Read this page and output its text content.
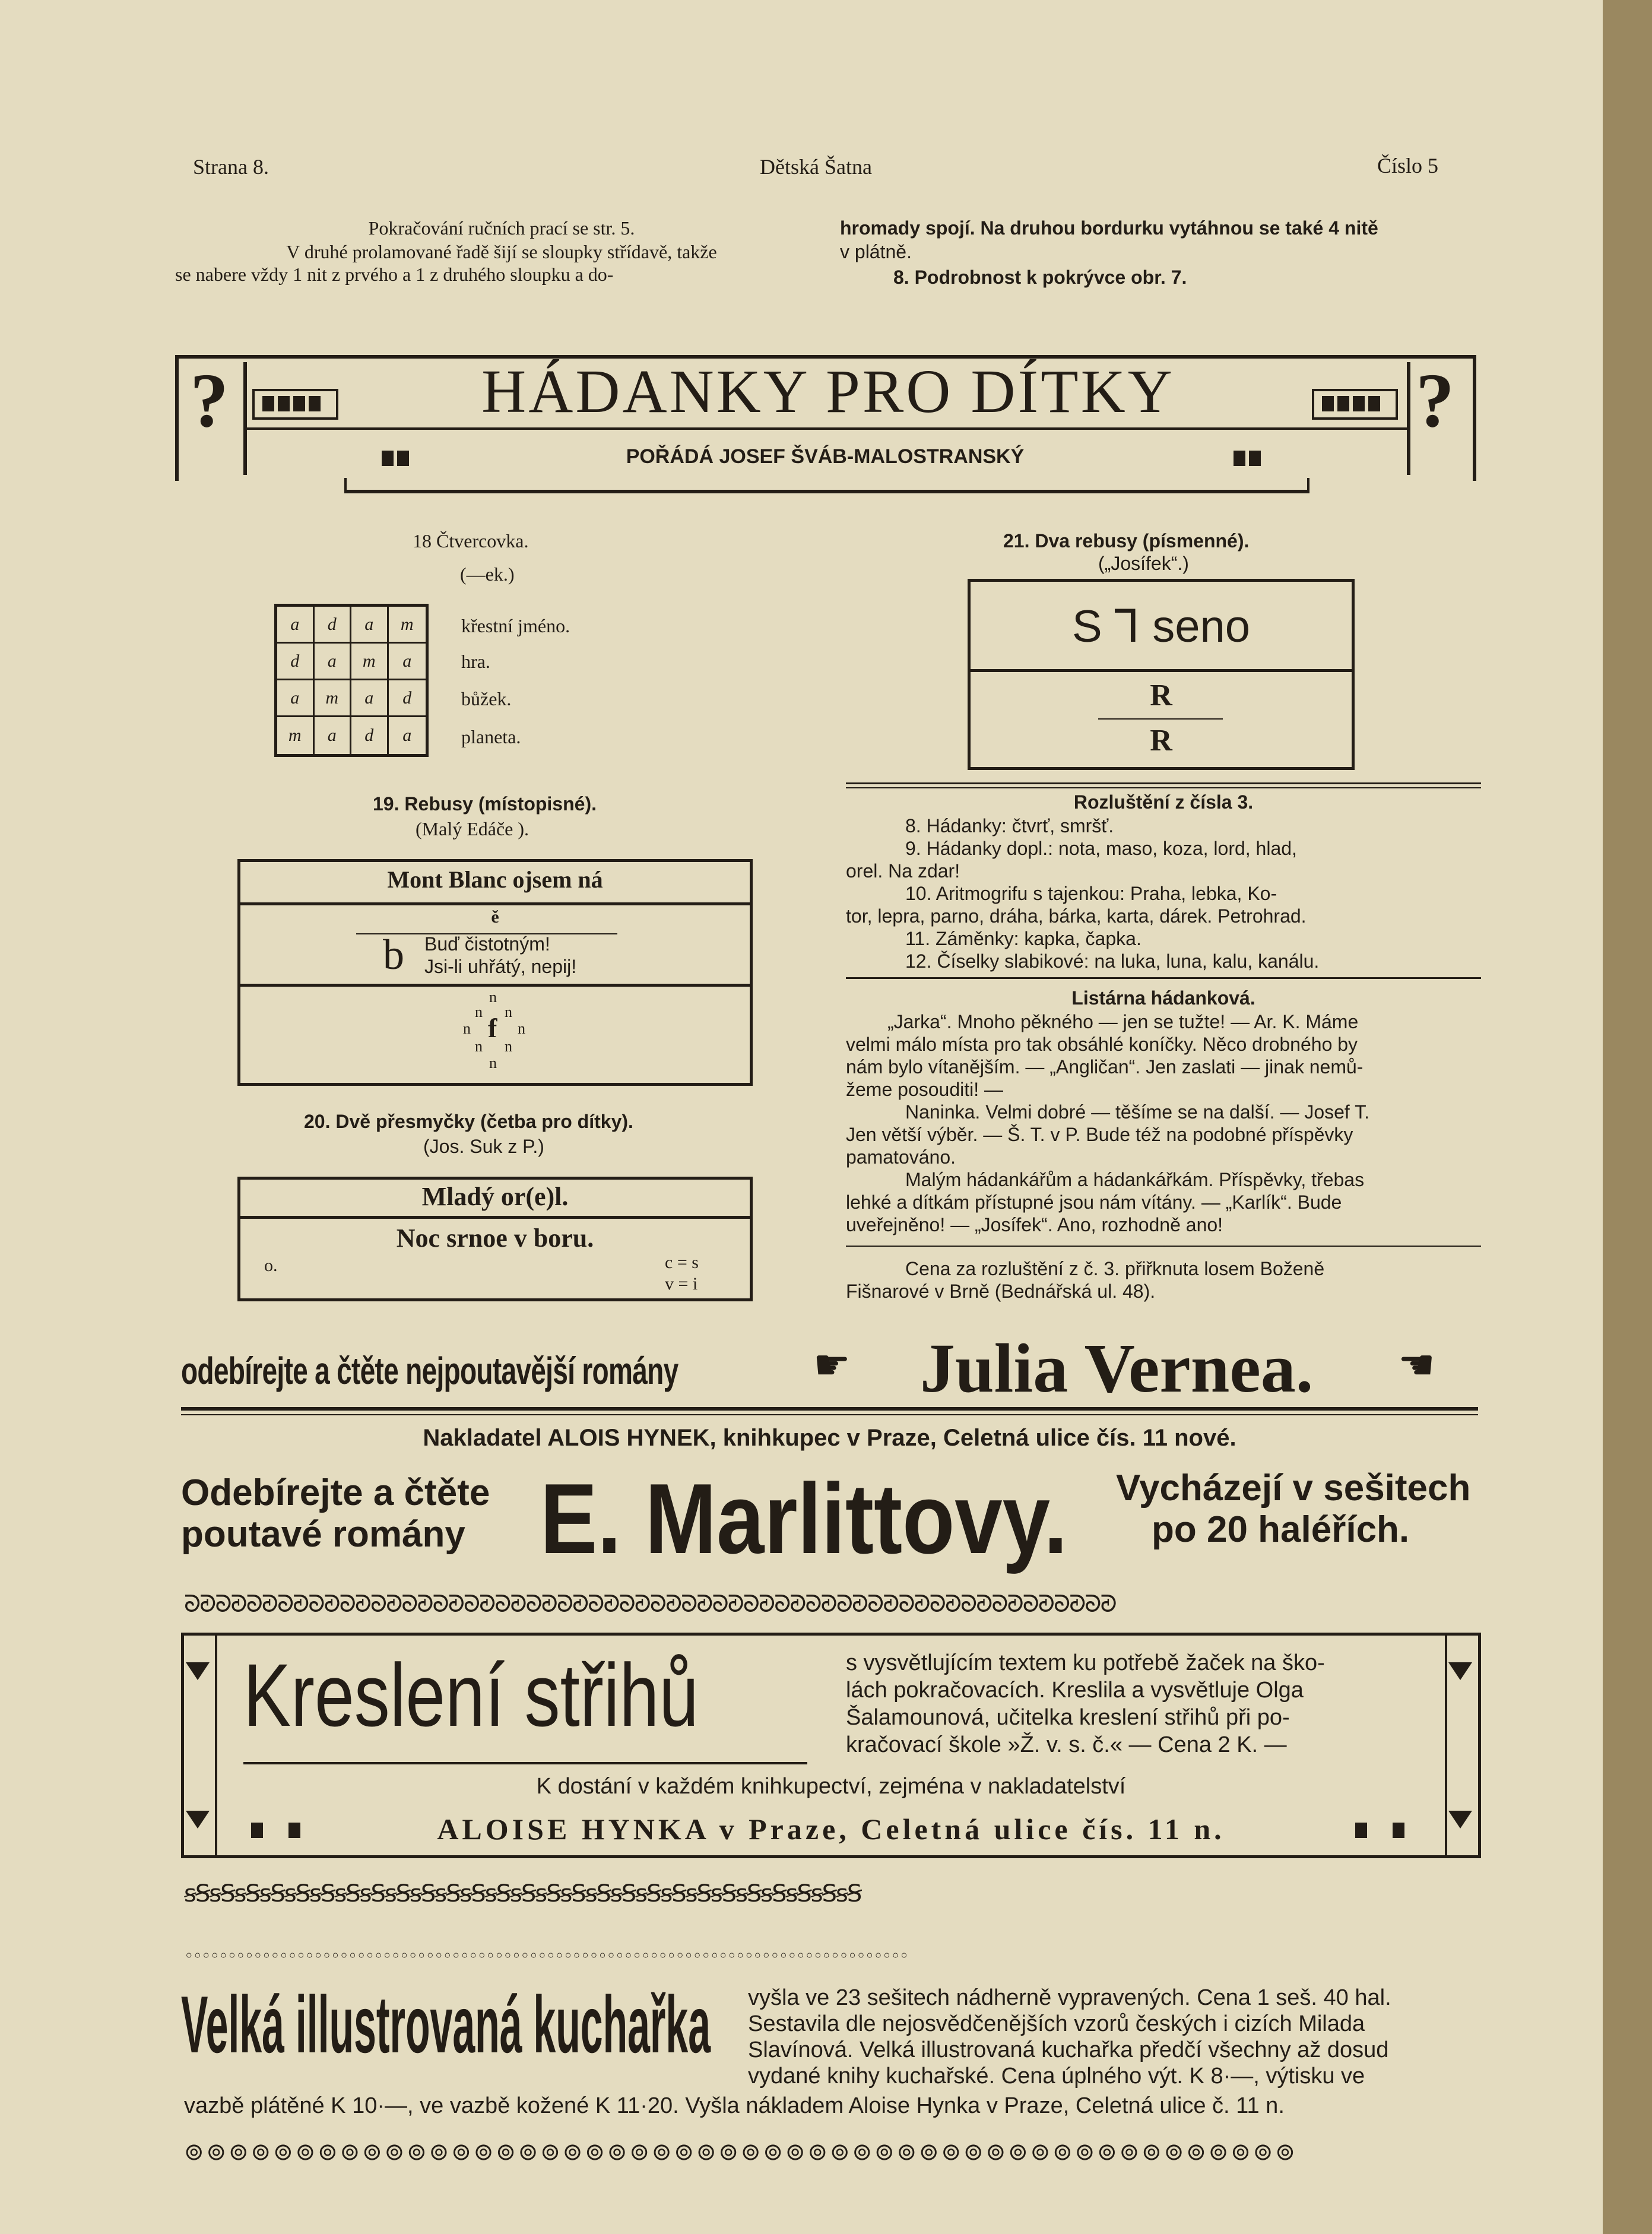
Strana 8.	Dětská Šatna	Číslo 5
Pokračování ručních prací se str. 5.
V druhé prolamované řadě šijí se sloupky střídavě, takže
se nabere vždy 1 nit z prvého a 1 z druhého sloupku a do-
hromady spojí. Na druhou bordurku vytáhnou se také 4 nitě
v plátně.
8. Podrobnost k pokrývce obr. 7.
?	?
HÁDANKY PRO DÍTKY
POŘÁDÁ JOSEF ŠVÁB-MALOSTRANSKÝ
18 Čtvercovka.
(—ek.)
a	d	a	m
d	a	m	a
a	m	a	d
m	a	d	a
křestní jméno.
hra.
bůžek.
planeta.
19. Rebusy (místopisné).
(Malý Edáče ).
Mont Blanc ojsem ná
ě
b Buď čistotným!
Jsi-li uhřátý, nepij!
n
n n
n f n
n n
n
20. Dvě přesmyčky (četba pro dítky).
(Jos. Suk z P.)
Mladý or(e)l.
Noc srnoe v boru.
o.	c = s
v = i
21. Dva rebusy (písmenné).
(„Josífek“.)
S ⅂ seno
R
R
Rozluštění z čísla 3.
8. Hádanky: čtvrť, smršť.
9. Hádanky dopl.: nota, maso, koza, lord, hlad,
orel. Na zdar!
10. Aritmogrifu s tajenkou: Praha, lebka, Ko-
tor, lepra, parno, dráha, bárka, karta, dárek. Petrohrad.
11. Záměnky: kapka, čapka.
12. Číselky slabikové: na luka, luna, kalu, kanálu.
Listárna hádanková.
„Jarka“. Mnoho pěkného — jen se tužte! — Ar. K. Máme
velmi málo místa pro tak obsáhlé koníčky. Něco drobného by
nám bylo vítanějším. — „Angličan“. Jen zaslati — jinak nemů-
žeme posouditi! —
Naninka. Velmi dobré — těšíme se na další. — Josef T.
Jen větší výběr. — Š. T. v P. Bude též na podobné příspěvky
pamatováno.
Malým hádankářům a hádankářkám. Příspěvky, třebas
lehké a dítkám přístupné jsou nám vítány. — „Karlík“. Bude
uveřejněno! — „Josífek“. Ano, rozhodně ano!
Cena za rozluštění z č. 3. přiřknuta losem Boženě
Fišnarové v Brně (Bednářská ul. 48).
odebírejte a čtěte nejpoutavější romány	☛ Julia Vernea. ☛
Nakladatel ALOIS HYNEK, knihkupec v Praze, Celetná ulice čís. 11 nové.
Odebírejte a čtěte
poutavé romány E. Marlittovy. Vycházejí v sešitech
po 20 haléřích.
ᘐᘑᘐᘑᘐᘑᘐᘑᘐᘑᘐᘑᘐᘑᘐᘑᘐᘑᘐᘑᘐᘑᘐᘑᘐᘑᘐᘑᘐᘑᘐᘑᘐᘑᘐᘑᘐᘑᘐᘑᘐᘑᘐᘑᘐᘑᘐᘑᘐᘑᘐᘑᘐᘑᘐᘑᘐᘑᘐᘑ
Kreslení střihů	s vysvětlujícím textem ku potřebě žaček na ško-
lách pokračovacích. Kreslila a vysvětluje Olga
Šalamounová, učitelka kreslení střihů při po-
kračovací škole »Ž. v. s. č.« — Cena 2 K. —
K dostání v každém knihkupectví, zejména v nakladatelství
ALOISE HYNKA v Praze, Celetná ulice čís. 11 n.
ꞩꞨꞩꞨꞩꞨꞩꞨꞩꞨꞩꞨꞩꞨꞩꞨꞩꞨꞩꞨꞩꞨꞩꞨꞩꞨꞩꞨꞩꞨꞩꞨꞩꞨꞩꞨꞩꞨꞩꞨꞩꞨꞩꞨꞩꞨꞩꞨꞩꞨꞩꞨꞩꞨ
◦◦◦◦◦◦◦◦◦◦◦◦◦◦◦◦◦◦◦◦◦◦◦◦◦◦◦◦◦◦◦◦◦◦◦◦◦◦◦◦◦◦◦◦◦◦◦◦◦◦◦◦◦◦◦◦◦◦◦◦◦◦◦◦◦◦◦◦◦◦◦◦◦◦◦◦◦◦◦◦◦◦◦◦
Velká illustrovaná kuchařka vyšla ve 23 sešitech nádherně vypravených. Cena 1 seš. 40 hal.
Sestavila dle nejosvědčenějších vzorů českých i cizích Milada
Slavínová. Velká illustrovaná kuchařka předčí všechny až dosud
vydané knihy kuchařské. Cena úplného výt. K 8·—, výtisku ve
vazbě plátěné K 10·—, ve vazbě kožené K 11·20. Vyšla nákladem Aloise Hynka v Praze, Celetná ulice č. 11 n.
⊚⊚⊚⊚⊚⊚⊚⊚⊚⊚⊚⊚⊚⊚⊚⊚⊚⊚⊚⊚⊚⊚⊚⊚⊚⊚⊚⊚⊚⊚⊚⊚⊚⊚⊚⊚⊚⊚⊚⊚⊚⊚⊚⊚⊚⊚⊚⊚⊚⊚
